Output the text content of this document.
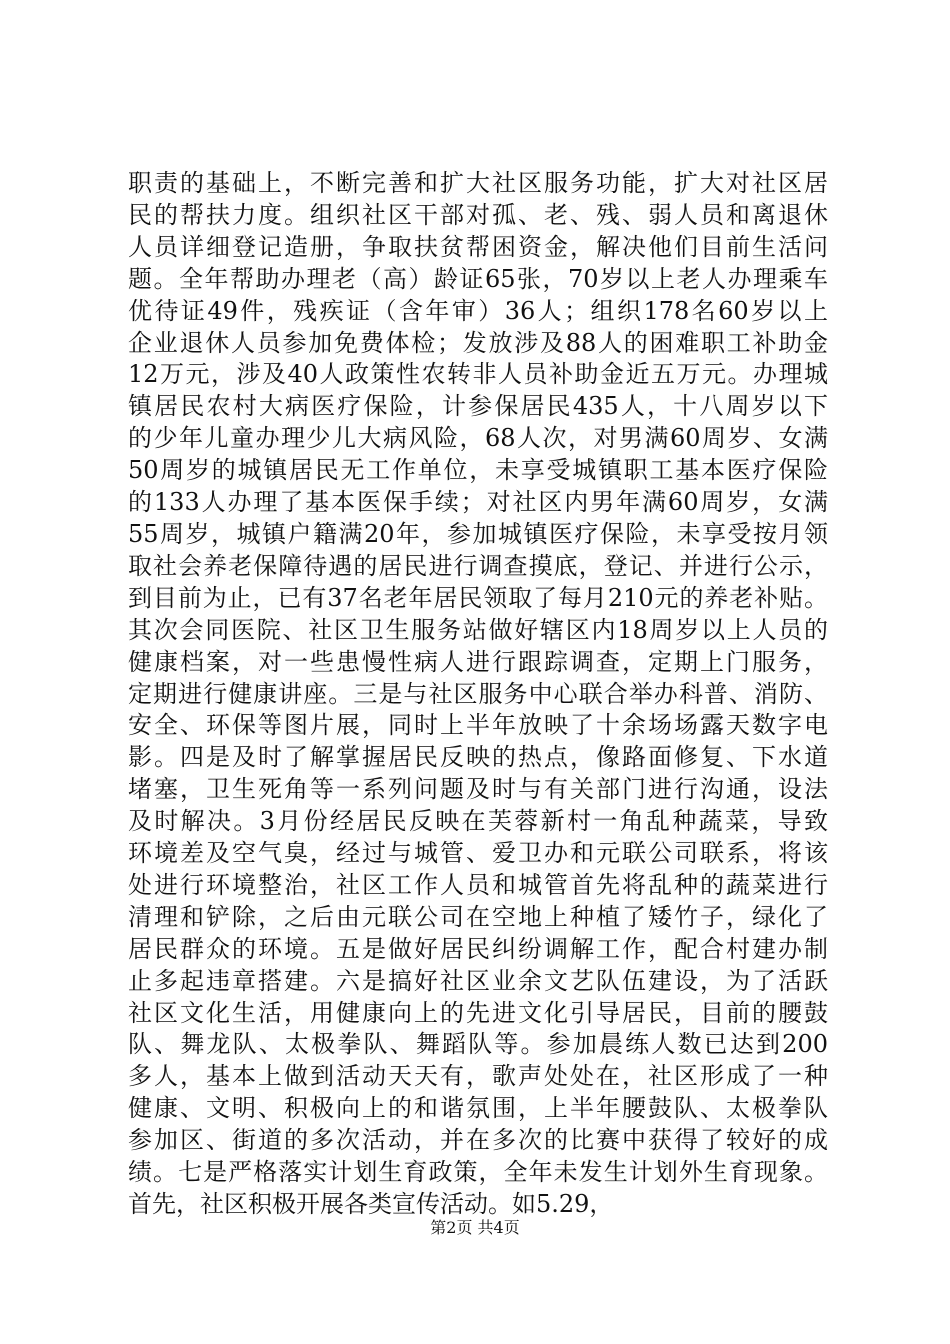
职责的基础上，不断完善和扩大社区服务功能，扩大对社区居
民的帮扶力度。组织社区干部对孤、老、残、弱人员和离退休
人员详细登记造册，争取扶贫帮困资金，解决他们目前生活问
题。全年帮助办理老（高）龄证65张，70岁以上老人办理乘车
优待证49件，残疾证（含年审）36人；组织178名60岁以上
企业退休人员参加免费体检；发放涉及88人的困难职工补助金
12万元，涉及40人政策性农转非人员补助金近五万元。办理城
镇居民农村大病医疗保险，计参保居民435人，十八周岁以下
的少年儿童办理少儿大病风险，68人次，对男满60周岁、女满
50周岁的城镇居民无工作单位，未享受城镇职工基本医疗保险
的133人办理了基本医保手续；对社区内男年满60周岁，女满
55周岁，城镇户籍满20年，参加城镇医疗保险，未享受按月领
取社会养老保障待遇的居民进行调查摸底，登记、并进行公示，
到目前为止，已有37名老年居民领取了每月210元的养老补贴。
其次会同医院、社区卫生服务站做好辖区内18周岁以上人员的
健康档案，对一些患慢性病人进行跟踪调查，定期上门服务，
定期进行健康讲座。三是与社区服务中心联合举办科普、消防、
安全、环保等图片展，同时上半年放映了十余场场露天数字电
影。四是及时了解掌握居民反映的热点，像路面修复、下水道
堵塞，卫生死角等一系列问题及时与有关部门进行沟通，设法
及时解决。3月份经居民反映在芙蓉新村一角乱种蔬菜，导致
环境差及空气臭，经过与城管、爱卫办和元联公司联系，将该
处进行环境整治，社区工作人员和城管首先将乱种的蔬菜进行
清理和铲除，之后由元联公司在空地上种植了矮竹子，绿化了
居民群众的环境。五是做好居民纠纷调解工作，配合村建办制
止多起违章搭建。六是搞好社区业余文艺队伍建设，为了活跃
社区文化生活，用健康向上的先进文化引导居民，目前的腰鼓
队、舞龙队、太极拳队、舞蹈队等。参加晨练人数已达到200
多人，基本上做到活动天天有，歌声处处在，社区形成了一种
健康、文明、积极向上的和谐氛围，上半年腰鼓队、太极拳队
参加区、街道的多次活动，并在多次的比赛中获得了较好的成
绩。七是严格落实计划生育政策，全年未发生计划外生育现象。
首先，社区积极开展各类宣传活动。如5.29，
第2页 共4页
